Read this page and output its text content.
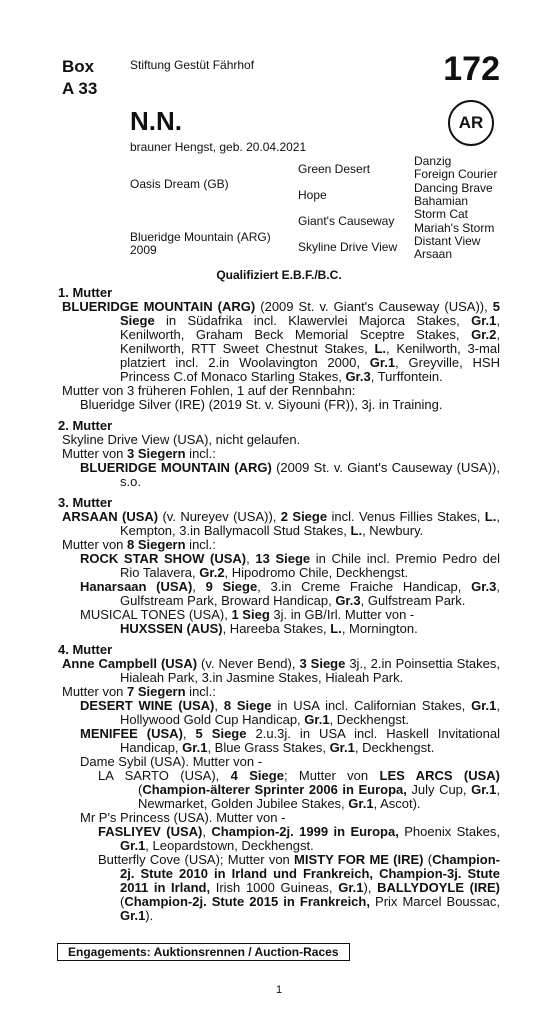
Box
A 33
Stiftung Gestüt Fährhof	172
AR
N.N.
brauner Hengst, geb. 20.04.2021
Oasis Dream (GB)
Blueridge Mountain (ARG)
2009
Green Desert
Hope
Giant's Causeway
Skyline Drive View
Danzig
Foreign Courier
Dancing Brave
Bahamian
Storm Cat
Mariah's Storm
Distant View
Arsaan
Qualifiziert E.B.F./B.C.
1. Mutter
BLUERIDGE MOUNTAIN (ARG) (2009 St. v. Giant's Causeway (USA)), 5 Siege in Südafrika incl. Klawervlei Majorca Stakes, Gr.1, Kenilworth, Graham Beck Memorial Sceptre Stakes, Gr.2, Kenilworth, RTT Sweet Chestnut Stakes, L., Kenilworth, 3-mal platziert incl. 2.in Woolavington 2000, Gr.1, Greyville, HSH Princess C.of Monaco Starling Stakes, Gr.3, Turffontein.
Mutter von 3 früheren Fohlen, 1 auf der Rennbahn:
Blueridge Silver (IRE) (2019 St. v. Siyouni (FR)), 3j. in Training.
2. Mutter
Skyline Drive View (USA), nicht gelaufen.
Mutter von 3 Siegern incl.:
BLUERIDGE MOUNTAIN (ARG) (2009 St. v. Giant's Causeway (USA)), s.o.
3. Mutter
ARSAAN (USA) (v. Nureyev (USA)), 2 Siege incl. Venus Fillies Stakes, L., Kempton, 3.in Ballymacoll Stud Stakes, L., Newbury.
Mutter von 8 Siegern incl.:
ROCK STAR SHOW (USA), 13 Siege in Chile incl. Premio Pedro del Rio Talavera, Gr.2, Hipodromo Chile, Deckhengst.
Hanarsaan (USA), 9 Siege, 3.in Creme Fraiche Handicap, Gr.3, Gulfstream Park, Broward Handicap, Gr.3, Gulfstream Park.
MUSICAL TONES (USA), 1 Sieg 3j. in GB/Irl. Mutter von -
HUXSSEN (AUS), Hareeba Stakes, L., Mornington.
4. Mutter
Anne Campbell (USA) (v. Never Bend), 3 Siege 3j., 2.in Poinsettia Stakes, Hialeah Park, 3.in Jasmine Stakes, Hialeah Park.
Mutter von 7 Siegern incl.:
DESERT WINE (USA), 8 Siege in USA incl. Californian Stakes, Gr.1, Hollywood Gold Cup Handicap, Gr.1, Deckhengst.
MENIFEE (USA), 5 Siege 2.u.3j. in USA incl. Haskell Invitational Handicap, Gr.1, Blue Grass Stakes, Gr.1, Deckhengst.
Dame Sybil (USA). Mutter von -
LA SARTO (USA), 4 Siege; Mutter von LES ARCS (USA) (Champion-älterer Sprinter 2006 in Europa, July Cup, Gr.1, Newmarket, Golden Jubilee Stakes, Gr.1, Ascot).
Mr P's Princess (USA). Mutter von -
FASLIYEV (USA), Champion-2j. 1999 in Europa, Phoenix Stakes, Gr.1, Leopardstown, Deckhengst.
Butterfly Cove (USA); Mutter von MISTY FOR ME (IRE) (Champion-2j. Stute 2010 in Irland und Frankreich, Champion-3j. Stute 2011 in Irland, Irish 1000 Guineas, Gr.1), BALLYDOYLE (IRE) (Champion-2j. Stute 2015 in Frankreich, Prix Marcel Boussac, Gr.1).
Engagements: Auktionsrennen / Auction-Races
1
